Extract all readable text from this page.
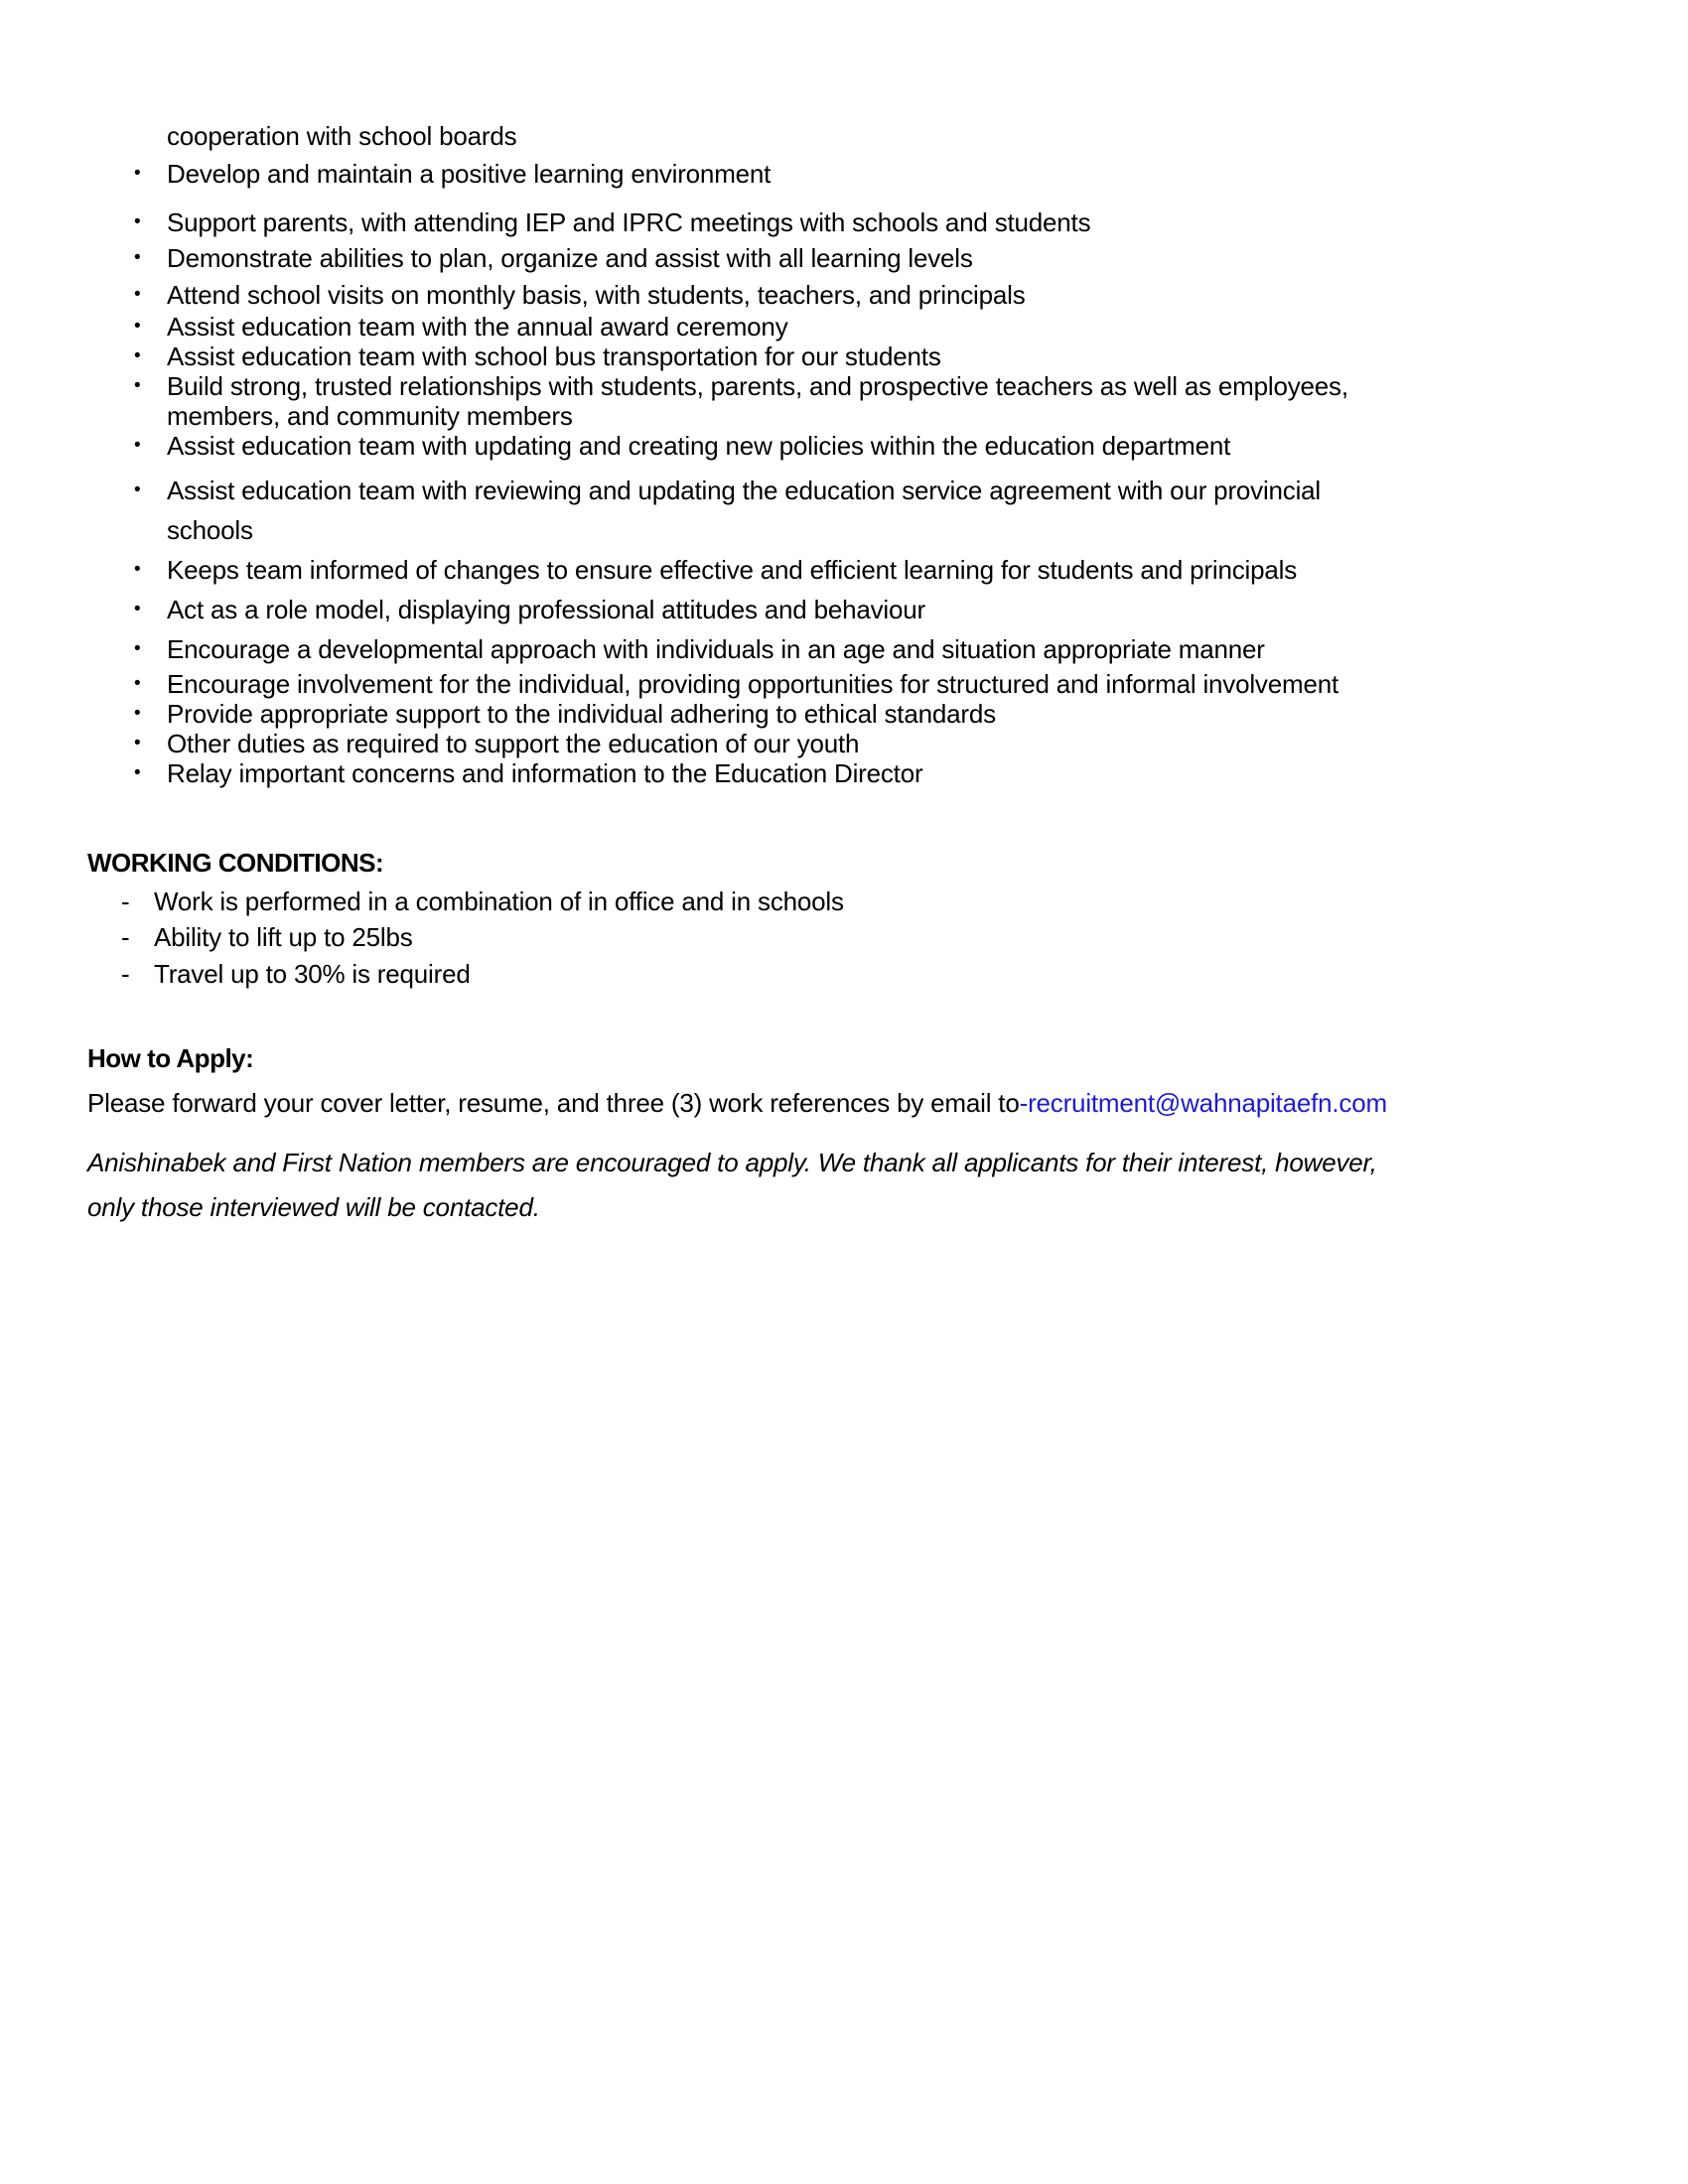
cooperation with school boards
•	Develop and maintain a positive learning environment
•	Support parents, with attending IEP and IPRC meetings with schools and students
•	Demonstrate abilities to plan, organize and assist with all learning levels
•	Attend school visits on monthly basis, with students, teachers, and principals
•	Assist education team with the annual award ceremony
•	Assist education team with school bus transportation for our students
•	Build strong, trusted relationships with students, parents, and prospective teachers as well as employees,
members, and community members
•	Assist education team with updating and creating new policies within the education department
•	Assist education team with reviewing and updating the education service agreement with our provincial
schools
•	Keeps team informed of changes to ensure effective and efficient learning for students and principals
•	Act as a role model, displaying professional attitudes and behaviour
•	Encourage a developmental approach with individuals in an age and situation appropriate manner
•	Encourage involvement for the individual, providing opportunities for structured and informal involvement
•	Provide appropriate support to the individual adhering to ethical standards
•	Other duties as required to support the education of our youth
•	Relay important concerns and information to the Education Director
WORKING CONDITIONS:
- Work is performed in a combination of in office and in schools
- Ability to lift up to 25lbs
- Travel up to 30% is required
How to Apply:
Please forward your cover letter, resume, and three (3) work references by email to-recruitment@wahnapitaefn.com
Anishinabek and First Nation members are encouraged to apply. We thank all applicants for their interest, however,
only those interviewed will be contacted.
